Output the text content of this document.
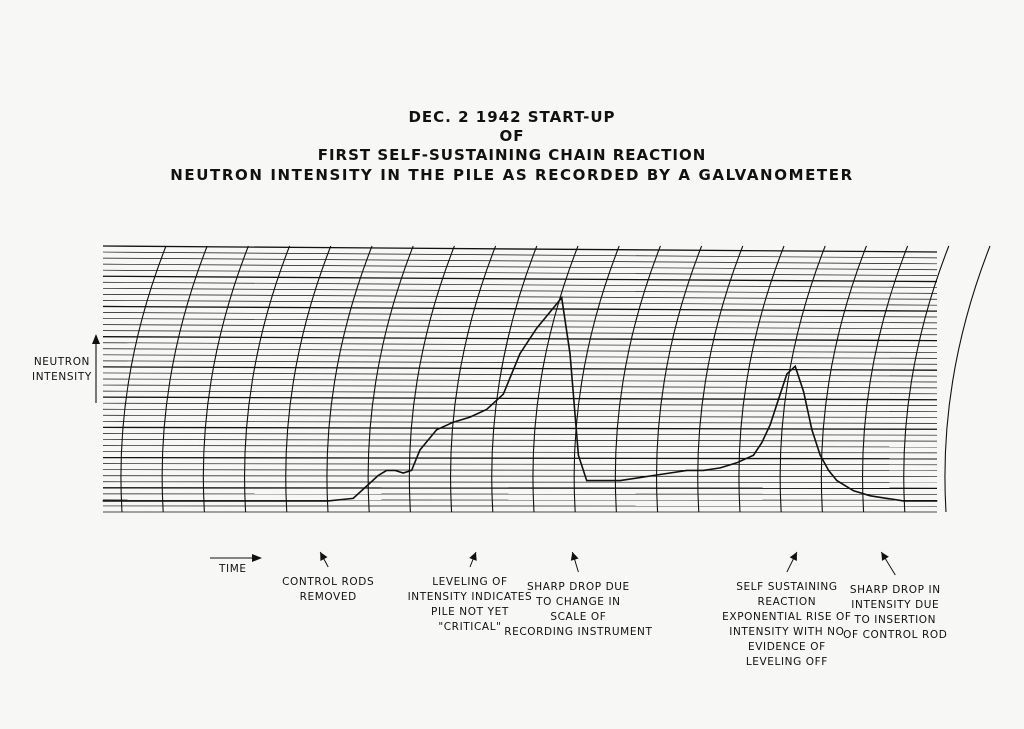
DEC. 2 1942 START-UP
OF
FIRST SELF-SUSTAINING CHAIN REACTION
NEUTRON INTENSITY IN THE PILE AS RECORDED BY A GALVANOMETER
NEUTRON
INTENSITY
TIME
CONTROL RODS
REMOVED
LEVELING OF
INTENSITY INDICATES
PILE NOT YET
"CRITICAL"
SHARP DROP DUE
TO CHANGE IN
SCALE OF
RECORDING INSTRUMENT
SELF SUSTAINING
REACTION
EXPONENTIAL RISE OF
INTENSITY WITH NO
EVIDENCE OF
LEVELING OFF
SHARP DROP IN
INTENSITY DUE
TO INSERTION
OF CONTROL ROD
